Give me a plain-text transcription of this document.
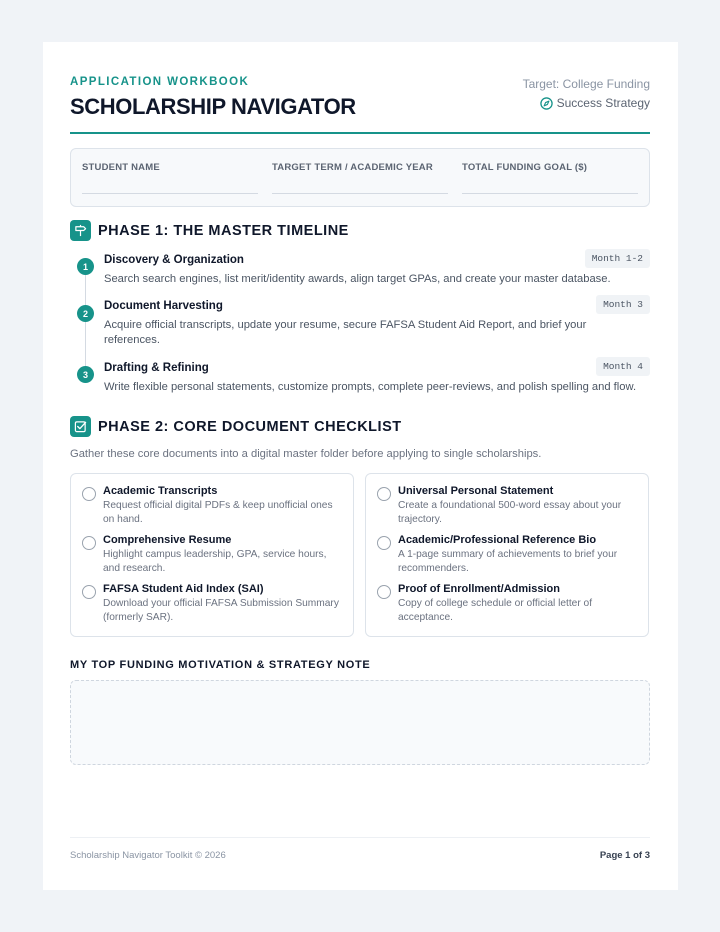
APPLICATION WORKBOOK
SCHOLARSHIP NAVIGATOR
Target: College Funding
Success Strategy
STUDENT NAME	TARGET TERM / ACADEMIC YEAR	TOTAL FUNDING GOAL ($)
PHASE 1: THE MASTER TIMELINE
1
Discovery & Organization
Search search engines, list merit/identity awards, align target GPAs, and create your master database.
Month 1-2
2
Document Harvesting
Acquire official transcripts, update your resume, secure FAFSA Student Aid Report, and brief your references.
Month 3
3
Drafting & Refining
Write flexible personal statements, customize prompts, complete peer-reviews, and polish spelling and flow.
Month 4
PHASE 2: CORE DOCUMENT CHECKLIST
Gather these core documents into a digital master folder before applying to single scholarships.
Academic Transcripts
Request official digital PDFs & keep unofficial ones on hand.
Comprehensive Resume
Highlight campus leadership, GPA, service hours, and research.
FAFSA Student Aid Index (SAI)
Download your official FAFSA Submission Summary (formerly SAR).
Universal Personal Statement
Create a foundational 500-word essay about your trajectory.
Academic/Professional Reference Bio
A 1-page summary of achievements to brief your recommenders.
Proof of Enrollment/Admission
Copy of college schedule or official letter of acceptance.
MY TOP FUNDING MOTIVATION & STRATEGY NOTE
Scholarship Navigator Toolkit © 2026	Page 1 of 3
